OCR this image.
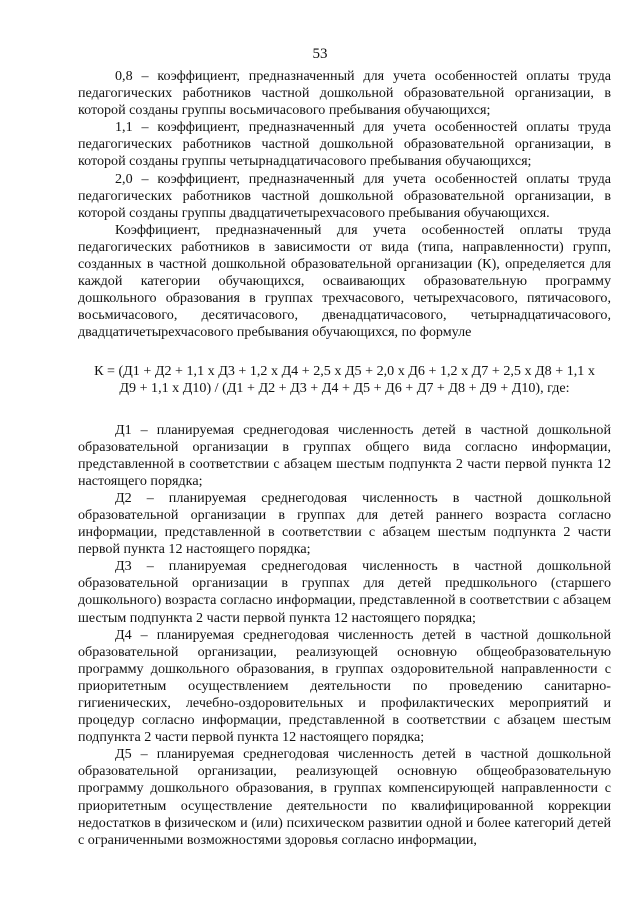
53

0,8 – коэффициент, предназначенный для учета особенностей оплаты труда педагогических работников частной дошкольной образовательной организации, в которой созданы группы восьмичасового пребывания обучающихся;

1,1 – коэффициент, предназначенный для учета особенностей оплаты труда педагогических работников частной дошкольной образовательной организации, в которой созданы группы четырнадцатичасового пребывания обучающихся;

2,0 – коэффициент, предназначенный для учета особенностей оплаты труда педагогических работников частной дошкольной образовательной организации, в которой созданы группы двадцатичетырехчасового пребывания обучающихся.

Коэффициент, предназначенный для учета особенностей оплаты труда педагогических работников в зависимости от вида (типа, направленности) групп, созданных в частной дошкольной образовательной организации (К), определяется для каждой категории обучающихся, осваивающих образовательную программу дошкольного образования в группах трехчасового, четырехчасового, пятичасового, восьмичасового, десятичасового, двенадцатичасового, четырнадцатичасового, двадцатичетырехчасового пребывания обучающихся, по формуле

К = (Д1 + Д2 + 1,1 х Д3 + 1,2 х Д4 + 2,5 х Д5 + 2,0 х Д6 + 1,2 х Д7 + 2,5 х Д8 + 1,1 х
Д9 + 1,1 х Д10) / (Д1 + Д2 + Д3 + Д4 + Д5 + Д6 + Д7 + Д8 + Д9 + Д10), где:

Д1 – планируемая среднегодовая численность детей в частной дошкольной образовательной организации в группах общего вида согласно информации, представленной в соответствии с абзацем шестым подпункта 2 части первой пункта 12 настоящего порядка;

Д2 – планируемая среднегодовая численность в частной дошкольной образовательной организации в группах для детей раннего возраста согласно информации, представленной в соответствии с абзацем шестым подпункта 2 части первой пункта 12 настоящего порядка;

Д3 – планируемая среднегодовая численность в частной дошкольной образовательной организации в группах для детей предшкольного (старшего дошкольного) возраста согласно информации, представленной в соответствии с абзацем шестым подпункта 2 части первой пункта 12 настоящего порядка;

Д4 – планируемая среднегодовая численность детей в частной дошкольной образовательной организации, реализующей основную общеобразовательную программу дошкольного образования, в группах оздоровительной направленности с приоритетным осуществлением деятельности по проведению санитарно-гигиенических, лечебно-оздоровительных и профилактических мероприятий и процедур согласно информации, представленной в соответствии с абзацем шестым подпункта 2 части первой пункта 12 настоящего порядка;

Д5 – планируемая среднегодовая численность детей в частной дошкольной образовательной организации, реализующей основную общеобразовательную программу дошкольного образования, в группах компенсирующей направленности с приоритетным осуществление деятельности по квалифицированной коррекции недостатков в физическом и (или) психическом развитии одной и более категорий детей с ограниченными возможностями здоровья согласно информации,
